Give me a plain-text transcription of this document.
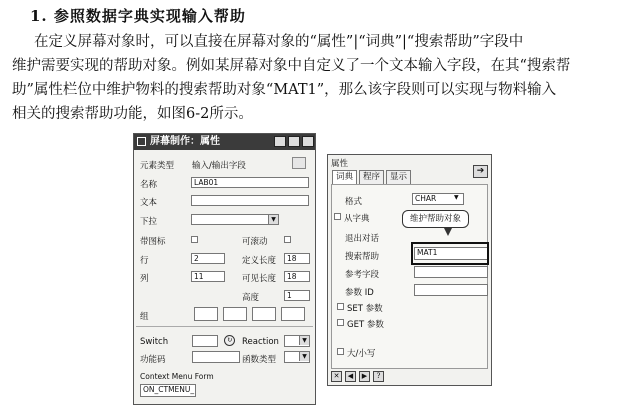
1. 参照数据字典实现输入帮助

在定义屏幕对象时，可以直接在屏幕对象的“属性”|“词典”|“搜索帮助”字段中
维护需要实现的帮助对象。例如某屏幕对象中自定义了一个文本输入字段，在其“搜索帮
助”属性栏位中维护物料的搜索帮助对象“MAT1”，那么该字段则可以实现与物料输入
相关的搜索帮助功能，如图6-2所示。

屏幕制作：属性
元素类型 输入/输出字段
名称	LAB01
文本
下拉	▼
带图标	可滚动
行	2	定义长度	18
列	11	可见长度	18
高度	1
组
Switch	↻	Reaction	▼
功能码	函数类型	▼
Context Menu Form
ON_CTMENU_
属性
词典	程序	显示
➔
格式	CHAR	▼
从字典
退出对话
搜索帮助	MAT1
参考字段
参数 ID
SET 参数
GET 参数
大/小写
✕	◀	▶	?
维护帮助对象
